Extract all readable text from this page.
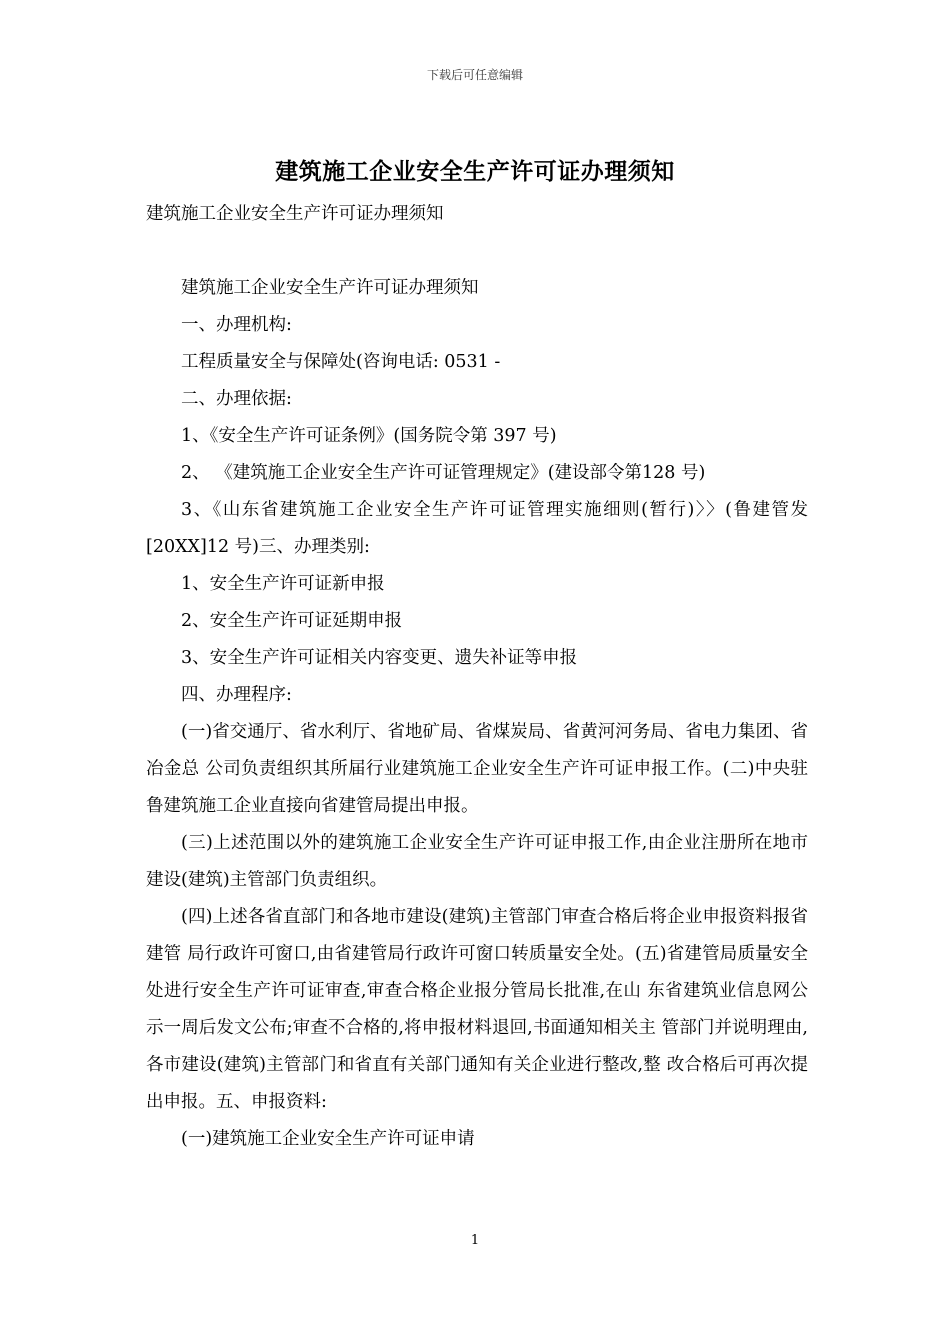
下载后可任意编辑
建筑施工企业安全生产许可证办理须知

建筑施工企业安全生产许可证办理须知

建筑施工企业安全生产许可证办理须知

一、办理机构:

工程质量安全与保障处(咨询电话: 0531 -

二、办理依据:

1、《安全生产许可证条例》(国务院令第 397 号)

2、 《建筑施工企业安全生产许可证管理规定》(建设部令第128 号)

3、《山东省建筑施工企业安全生产许可证管理实施细则(暂行)〉〉(鲁建管发 [20XX]12 号)三、办理类别:

1、安全生产许可证新申报

2、安全生产许可证延期申报

3、安全生产许可证相关内容变更、遗失补证等申报

四、办理程序:

(一)省交通厅、省水利厅、省地矿局、省煤炭局、省黄河河务局、省电力集团、省冶金总 公司负责组织其所届行业建筑施工企业安全生产许可证申报工作。(二)中央驻鲁建筑施工企业直接向省建管局提出申报。

(三)上述范围以外的建筑施工企业安全生产许可证申报工作,由企业注册所在地市建设(建筑)主管部门负责组织。

(四)上述各省直部门和各地市建设(建筑)主管部门审查合格后将企业申报资料报省建管 局行政许可窗口,由省建管局行政许可窗口转质量安全处。(五)省建管局质量安全处进行安全生产许可证审查,审查合格企业报分管局长批准,在山 东省建筑业信息网公示一周后发文公布;审查不合格的,将申报材料退回,书面通知相关主 管部门并说明理由,各市建设(建筑)主管部门和省直有关部门通知有关企业进行整改,整 改合格后可再次提出申报。五、申报资料:

(一)建筑施工企业安全生产许可证申请

1
